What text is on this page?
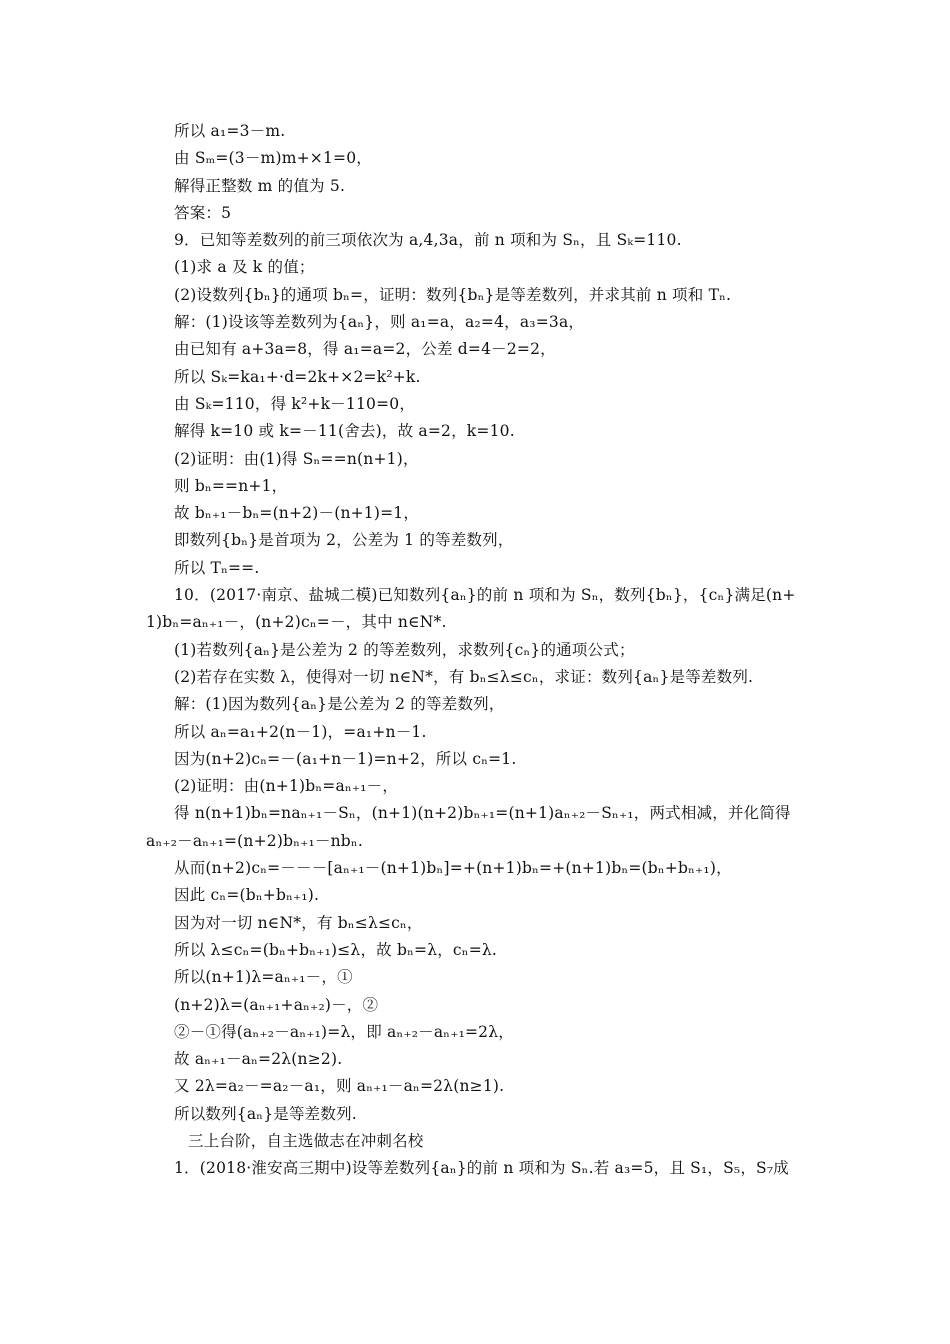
所以 a₁=3－m.
由 Sₘ=(3－m)m+×1=0，
解得正整数 m 的值为 5.
答案：5
9．已知等差数列的前三项依次为 a,4,3a，前 n 项和为 Sₙ，且 Sₖ=110.
(1)求 a 及 k 的值；
(2)设数列{bₙ}的通项 bₙ=，证明：数列{bₙ}是等差数列，并求其前 n 项和 Tₙ.
解：(1)设该等差数列为{aₙ}，则 a₁=a，a₂=4，a₃=3a，
由已知有 a+3a=8，得 a₁=a=2，公差 d=4－2=2，
所以 Sₖ=ka₁+·d=2k+×2=k²+k.
由 Sₖ=110，得 k²+k－110=0，
解得 k=10 或 k=－11(舍去)，故 a=2，k=10.
(2)证明：由(1)得 Sₙ==n(n+1)，
则 bₙ==n+1，
故 bₙ₊₁－bₙ=(n+2)－(n+1)=1，
即数列{bₙ}是首项为 2，公差为 1 的等差数列，
所以 Tₙ==.
10．(2017·南京、盐城二模)已知数列{aₙ}的前 n 项和为 Sₙ，数列{bₙ}，{cₙ}满足(n+
1)bₙ=aₙ₊₁－，(n+2)cₙ=－，其中 n∈N*.
(1)若数列{aₙ}是公差为 2 的等差数列，求数列{cₙ}的通项公式；
(2)若存在实数 λ，使得对一切 n∈N*，有 bₙ≤λ≤cₙ，求证：数列{aₙ}是等差数列.
解：(1)因为数列{aₙ}是公差为 2 的等差数列，
所以 aₙ=a₁+2(n－1)，=a₁+n－1.
因为(n+2)cₙ=－(a₁+n－1)=n+2，所以 cₙ=1.
(2)证明：由(n+1)bₙ=aₙ₊₁－，
得 n(n+1)bₙ=naₙ₊₁－Sₙ，(n+1)(n+2)bₙ₊₁=(n+1)aₙ₊₂－Sₙ₊₁，两式相减，并化简得
aₙ₊₂－aₙ₊₁=(n+2)bₙ₊₁－nbₙ.
从而(n+2)cₙ=－－－[aₙ₊₁－(n+1)bₙ]=+(n+1)bₙ=+(n+1)bₙ=(bₙ+bₙ₊₁)，
因此 cₙ=(bₙ+bₙ₊₁).
因为对一切 n∈N*，有 bₙ≤λ≤cₙ，
所以 λ≤cₙ=(bₙ+bₙ₊₁)≤λ，故 bₙ=λ，cₙ=λ.
所以(n+1)λ=aₙ₊₁－，①
(n+2)λ=(aₙ₊₁+aₙ₊₂)－，②
②－①得(aₙ₊₂－aₙ₊₁)=λ，即 aₙ₊₂－aₙ₊₁=2λ，
故 aₙ₊₁－aₙ=2λ(n≥2).
又 2λ=a₂－=a₂－a₁，则 aₙ₊₁－aₙ=2λ(n≥1).
所以数列{aₙ}是等差数列.
三上台阶，自主选做志在冲刺名校
1．(2018·淮安高三期中)设等差数列{aₙ}的前 n 项和为 Sₙ.若 a₃=5，且 S₁，S₅，S₇成
